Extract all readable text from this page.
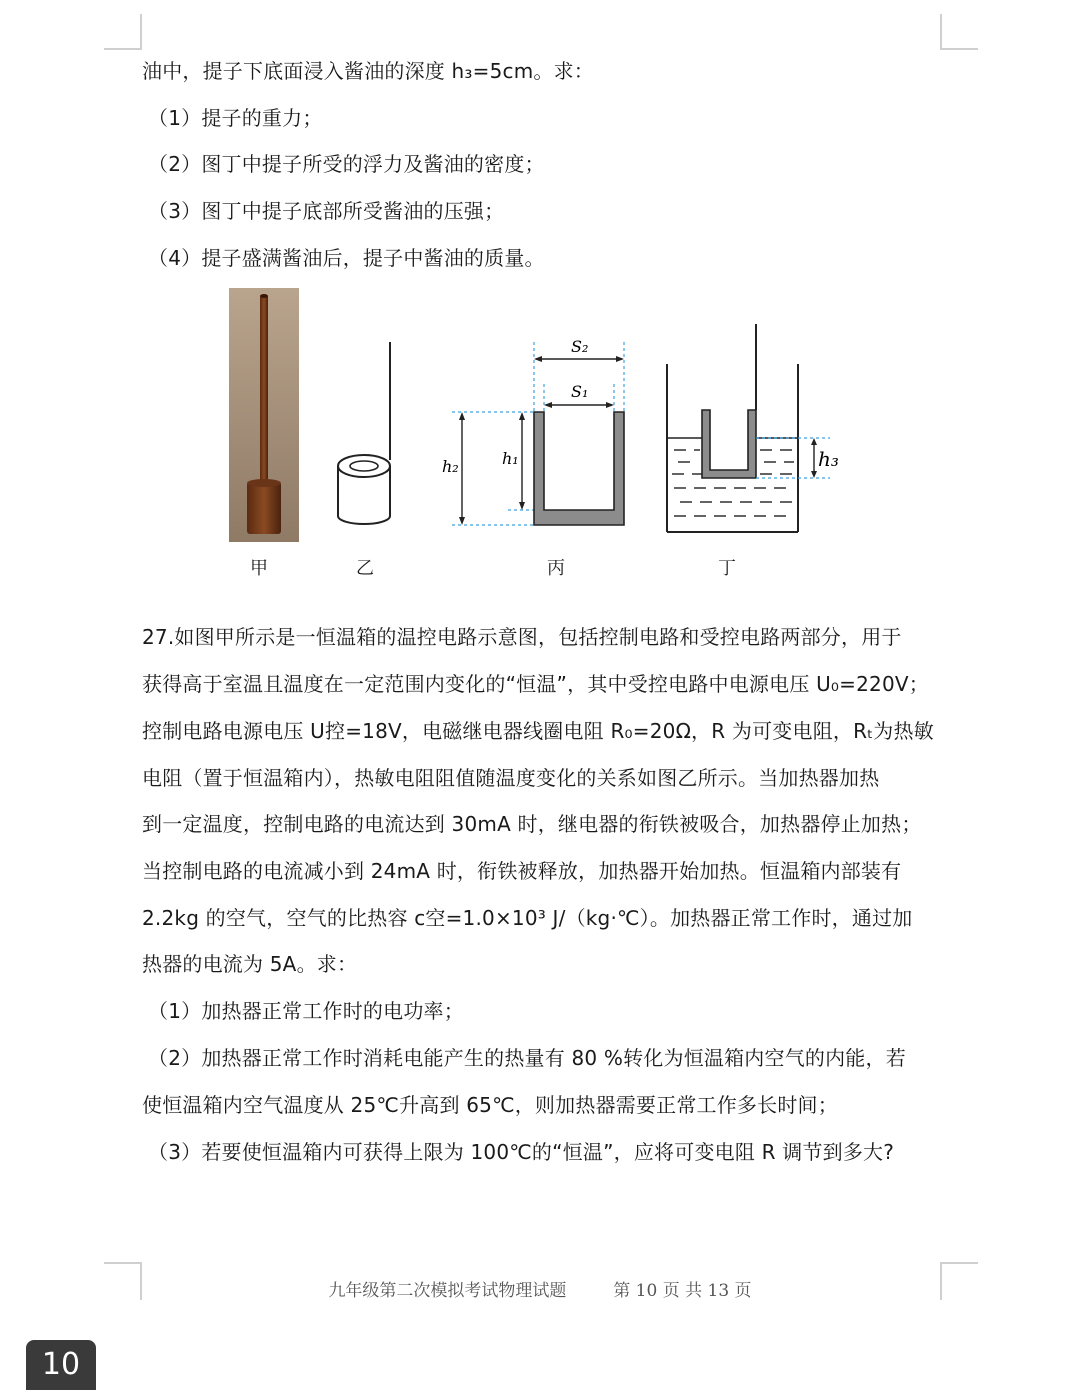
油中，提子下底面浸入酱油的深度 h₃=5cm。求：
（1）提子的重力；
（2）图丁中提子所受的浮力及酱油的密度；
（3）图丁中提子底部所受酱油的压强；
（4）提子盛满酱油后，提子中酱油的质量。
S₂
S₁
h₂	h₁	h₃
甲	乙	丙	丁
27.如图甲所示是一恒温箱的温控电路示意图，包括控制电路和受控电路两部分，用于
获得高于室温且温度在一定范围内变化的“恒温”，其中受控电路中电源电压 U₀=220V；
控制电路电源电压 U控=18V，电磁继电器线圈电阻 R₀=20Ω，R 为可变电阻，Rₜ为热敏
电阻（置于恒温箱内），热敏电阻阻值随温度变化的关系如图乙所示。当加热器加热
到一定温度，控制电路的电流达到 30mA 时，继电器的衔铁被吸合，加热器停止加热；
当控制电路的电流减小到 24mA 时，衔铁被释放，加热器开始加热。恒温箱内部装有
2.2kg 的空气，空气的比热容 c空=1.0×10³ J/（kg·℃）。加热器正常工作时，通过加
热器的电流为 5A。求：
（1）加热器正常工作时的电功率；
（2）加热器正常工作时消耗电能产生的热量有 80 %转化为恒温箱内空气的内能，若
使恒温箱内空气温度从 25℃升高到 65℃，则加热器需要正常工作多长时间；
（3）若要使恒温箱内可获得上限为 100℃的“恒温”，应将可变电阻 R 调节到多大?
九年级第二次模拟考试物理试题	第 10 页 共 13 页
10
